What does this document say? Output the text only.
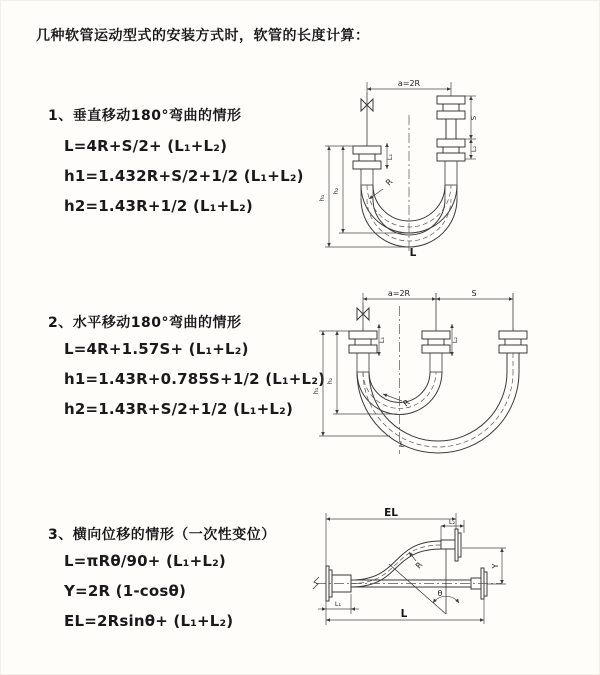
几种软管运动型式的安装方式时，软管的长度计算：
1、垂直移动180°弯曲的情形
L=4R+S/2+ (L₁+L₂)
h1=1.432R+S/2+1/2 (L₁+L₂)
h2=1.43R+1/2 (L₁+L₂)
2、水平移动180°弯曲的情形
L=4R+1.57S+ (L₁+L₂)
h1=1.43R+0.785S+1/2 (L₁+L₂)
h2=1.43R+S/2+1/2 (L₁+L₂)
3、横向位移的情形（一次性变位）
L=πRθ/90+ (L₁+L₂)
Y=2R (1-cosθ)
EL=2Rsinθ+ (L₁+L₂)
a=2R
L₁
S
L₂
h₁
h₂
R
L
a=2R	S
L₁	L₂
h₁
h₂
R
L
EL
L₂
Y
θ
R
L₁
L
